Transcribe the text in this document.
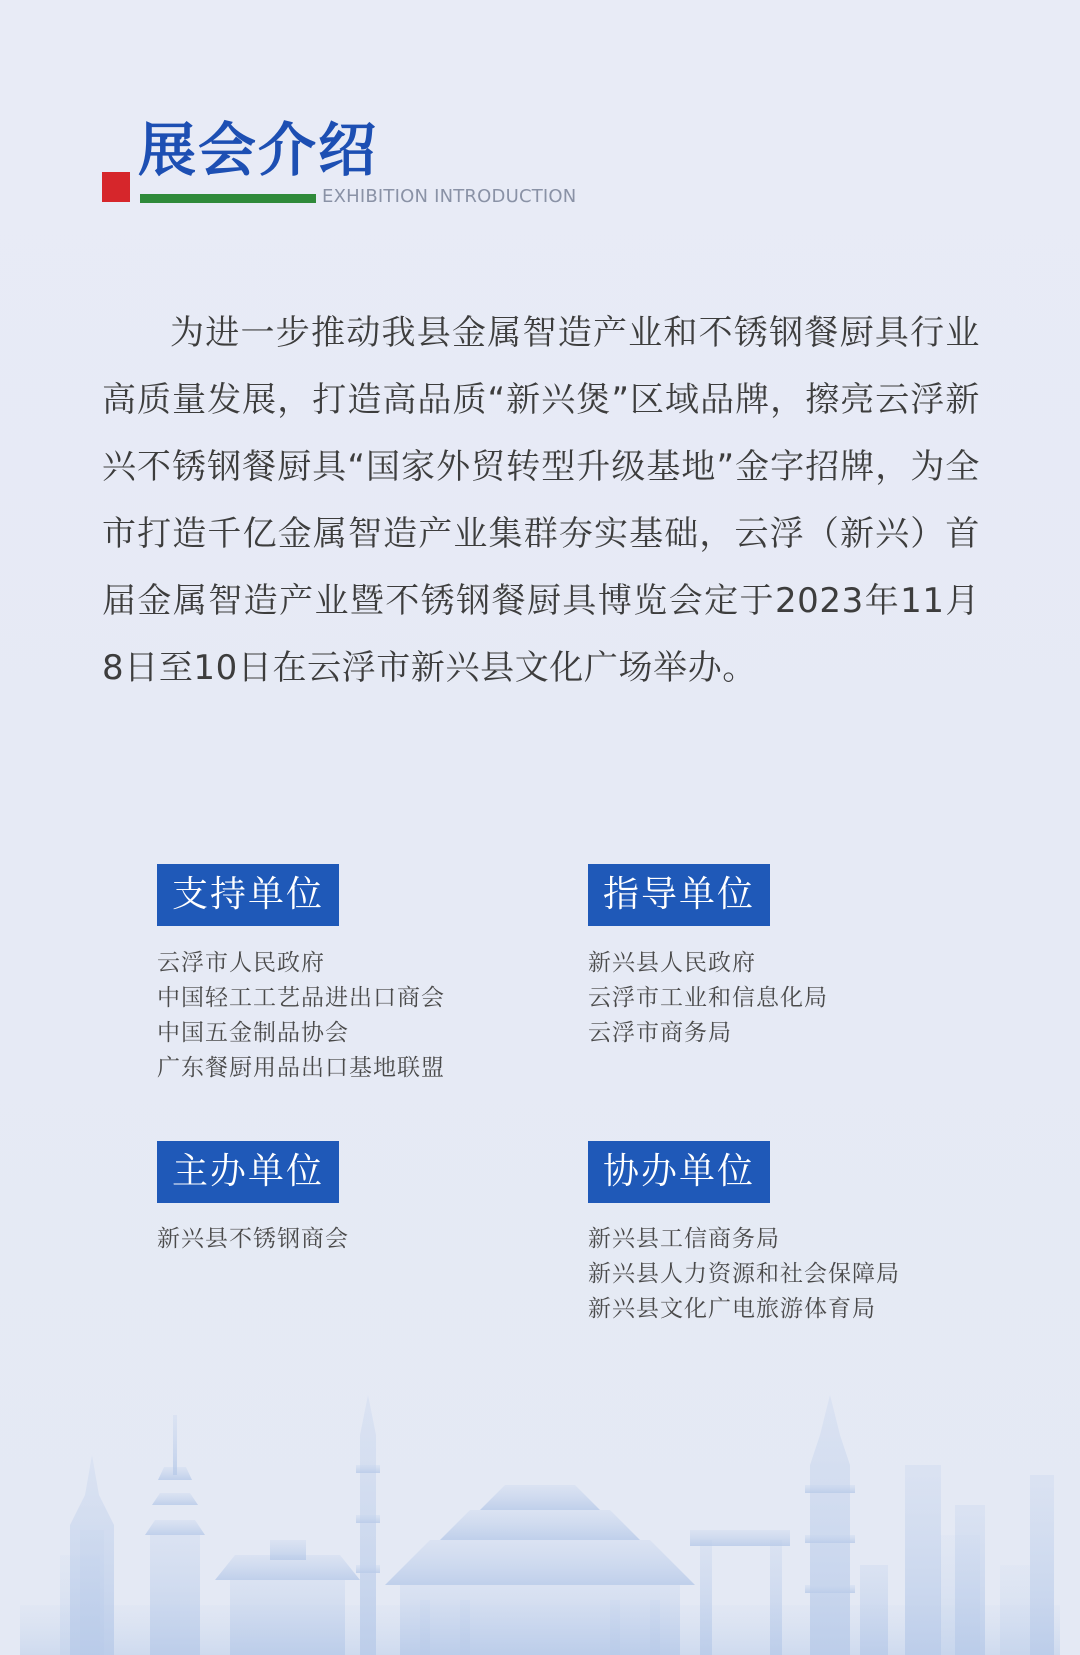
展会介绍
EXHIBITION INTRODUCTION

为进一步推动我县金属智造产业和不锈钢餐厨具行业高质量发展，打造高品质“新兴煲”区域品牌，擦亮云浮新兴不锈钢餐厨具“国家外贸转型升级基地”金字招牌，为全市打造千亿金属智造产业集群夯实基础，云浮（新兴）首届金属智造产业暨不锈钢餐厨具博览会定于2023年11月8日至10日在云浮市新兴县文化广场举办。

支持单位
云浮市人民政府
中国轻工工艺品进出口商会
中国五金制品协会
广东餐厨用品出口基地联盟
指导单位
新兴县人民政府
云浮市工业和信息化局
云浮市商务局
主办单位
新兴县不锈钢商会
协办单位
新兴县工信商务局
新兴县人力资源和社会保障局
新兴县文化广电旅游体育局
